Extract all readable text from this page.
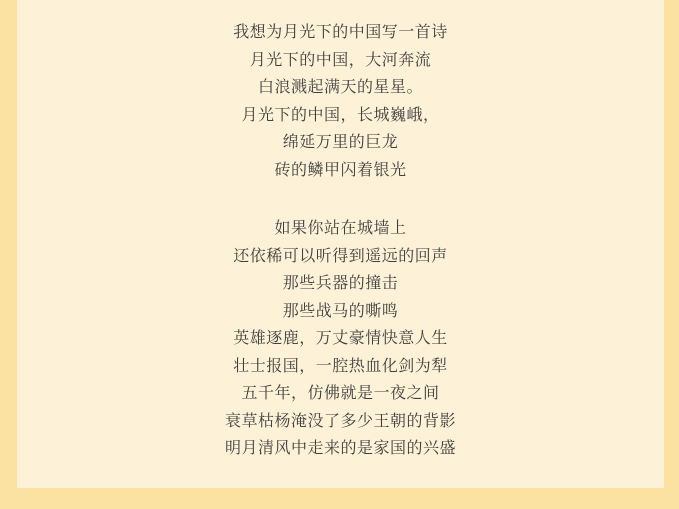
我想为月光下的中国写一首诗

月光下的中国，大河奔流

白浪溅起满天的星星。

月光下的中国，长城巍峨，

绵延万里的巨龙

砖的鳞甲闪着银光

如果你站在城墙上

还依稀可以听得到遥远的回声

那些兵器的撞击

那些战马的嘶鸣

英雄逐鹿，万丈豪情快意人生

壮士报国，一腔热血化剑为犁

五千年，仿佛就是一夜之间

衰草枯杨淹没了多少王朝的背影

明月清风中走来的是家国的兴盛
